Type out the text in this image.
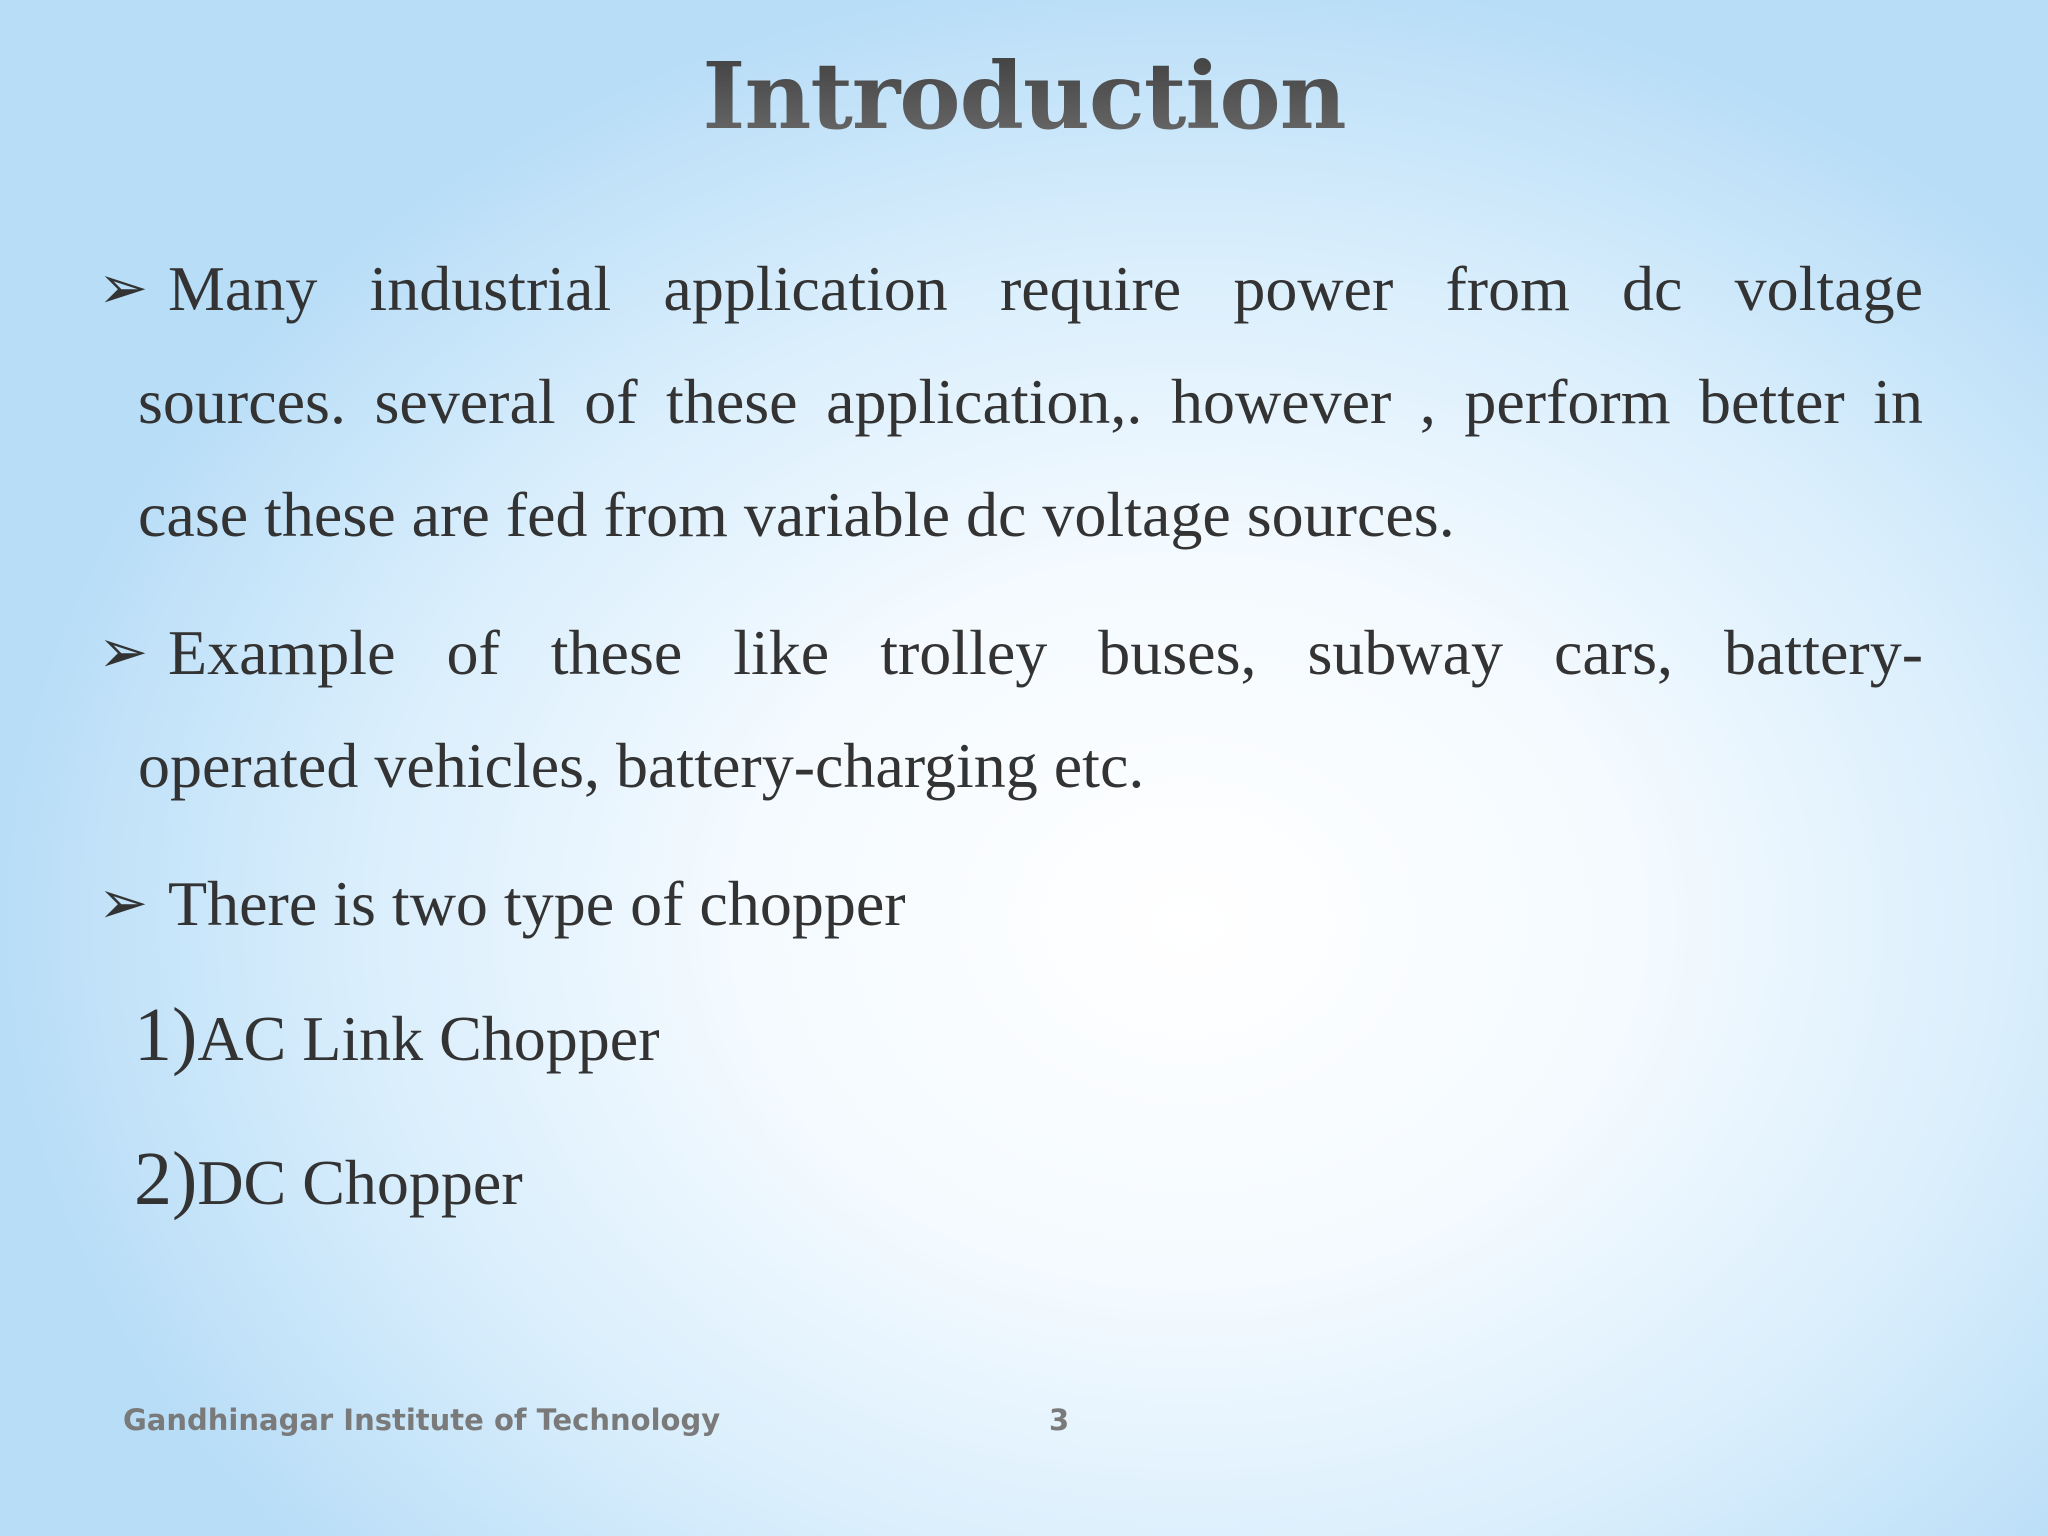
Introduction
➢ Many industrial application require power from dc voltage
sources. several of these application,. however , perform better in case these are fed from variable dc voltage sources.
➢ Example of these like trolley buses, subway cars, battery-
operated vehicles, battery-charging etc.
➢ There is two type of chopper
1)AC Link Chopper
2)DC Chopper
Gandhinagar Institute of Technology	3
